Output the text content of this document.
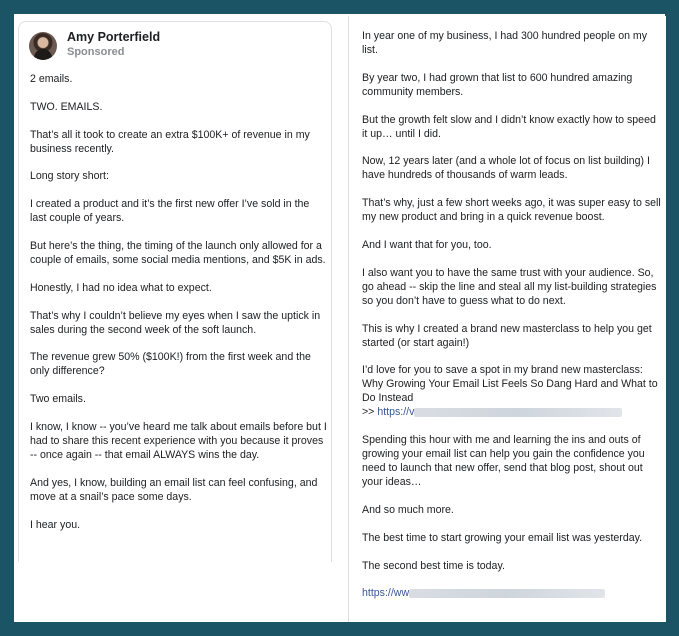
Amy Porterfield
Sponsored

2 emails.

TWO. EMAILS.

That’s all it took to create an extra $100K+ of revenue in my business recently.

Long story short:

I created a product and it’s the first new offer I’ve sold in the last couple of years.

But here’s the thing, the timing of the launch only allowed for a couple of emails, some social media mentions, and $5K in ads.

Honestly, I had no idea what to expect.

That’s why I couldn’t believe my eyes when I saw the uptick in sales during the second week of the soft launch.

The revenue grew 50% ($100K!) from the first week and the only difference?

Two emails.

I know, I know -- you’ve heard me talk about emails before but I had to share this recent experience with you because it proves -- once again -- that email ALWAYS wins the day.

And yes, I know, building an email list can feel confusing, and move at a snail’s pace some days.

I hear you.

In year one of my business, I had 300 hundred people on my list.

By year two, I had grown that list to 600 hundred amazing community members.

But the growth felt slow and I didn’t know exactly how to speed it up… until I did.

Now, 12 years later (and a whole lot of focus on list building) I have hundreds of thousands of warm leads.

That’s why, just a few short weeks ago, it was super easy to sell my new product and bring in a quick revenue boost.

And I want that for you, too.

I also want you to have the same trust with your audience. So, go ahead -- skip the line and steal all my list-building strategies so you don’t have to guess what to do next.

This is why I created a brand new masterclass to help you get started (or start again!)

I’d love for you to save a spot in my brand new masterclass: Why Growing Your Email List Feels So Dang Hard and What to Do Instead
>> https://v

Spending this hour with me and learning the ins and outs of growing your email list can help you gain the confidence you need to launch that new offer, send that blog post, shout out your ideas…

And so much more.

The best time to start growing your email list was yesterday.

The second best time is today.

https://ww
